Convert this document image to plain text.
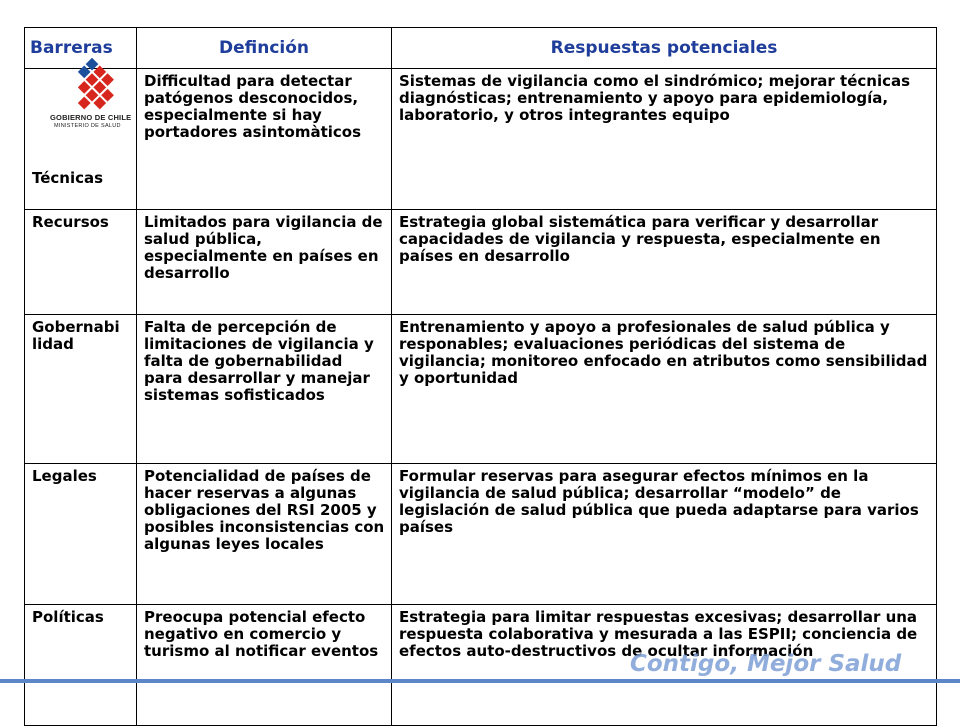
Barreras	Definción	Respuestas potenciales

Técnicas	Difficultad para detectar patógenos desconocidos, especialmente si hay portadores asintomàticos	Sistemas de vigilancia como el sindrómico; mejorar técnicas diagnósticas; entrenamiento y apoyo para epidemiología, laboratorio, y otros integrantes equipo
Recursos	Limitados para vigilancia de salud pública, especialmente en países en desarrollo	Estrategia global sistemática para verificar y desarrollar capacidades de vigilancia y respuesta, especialmente en países en desarrollo
Gobernabi lidad	Falta de percepción de limitaciones de vigilancia y falta de gobernabilidad para desarrollar y manejar sistemas sofisticados	Entrenamiento y apoyo a profesionales de salud pública y responables; evaluaciones periódicas del sistema de vigilancia; monitoreo enfocado en atributos como sensibilidad y oportunidad
Legales	Potencialidad de países de hacer reservas a algunas obligaciones del RSI 2005 y posibles inconsistencias con algunas leyes locales	Formular reservas para asegurar efectos mínimos en la vigilancia de salud pública; desarrollar “modelo” de legislación de salud pública que pueda adaptarse para varios países
Políticas	Preocupa potencial efecto negativo en comercio y turismo al notificar eventos	Estrategia para limitar respuestas excesivas; desarrollar una respuesta colaborativa y mesurada a las ESPII; conciencia de efectos auto-destructivos de ocultar información
GOBIERNO DE CHILE
MINISTERIO DE SALUD
Contigo, Mejor Salud
